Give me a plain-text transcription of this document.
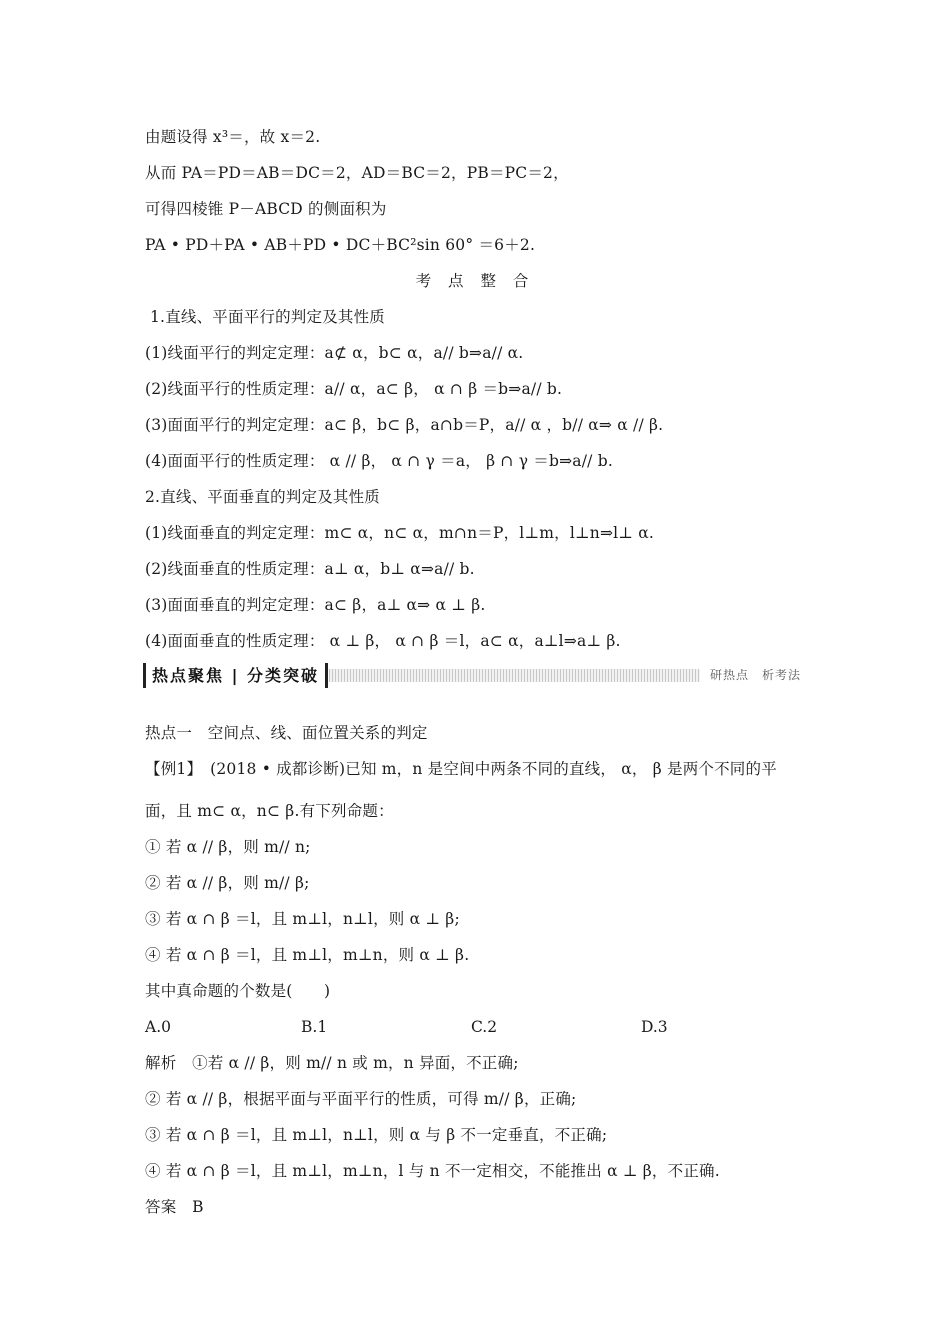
由题设得 x³＝，故 x＝2.
从而 PA＝PD＝AB＝DC＝2，AD＝BC＝2，PB＝PC＝2，
可得四棱锥 P－ABCD 的侧面积为
PA • PD＋PA • AB＋PD • DC＋BC²sin 60° ＝6＋2.
考 点 整 合
1.直线、平面平行的判定及其性质
(1)线面平行的判定定理：a⊄ α，b⊂ α，a// b⇒a// α.
(2)线面平行的性质定理：a// α，a⊂ β， α ∩ β ＝b⇒a// b.
(3)面面平行的判定定理：a⊂ β，b⊂ β，a∩b＝P，a// α ，b// α⇒ α // β.
(4)面面平行的性质定理： α // β， α ∩ γ ＝a， β ∩ γ ＝b⇒a// b.
2.直线、平面垂直的判定及其性质
(1)线面垂直的判定定理：m⊂ α，n⊂ α，m∩n＝P，l⊥m，l⊥n⇒l⊥ α.
(2)线面垂直的性质定理：a⊥ α，b⊥ α⇒a// b.
(3)面面垂直的判定定理：a⊂ β，a⊥ α⇒ α ⊥ β.
(4)面面垂直的性质定理： α ⊥ β， α ∩ β ＝l，a⊂ α，a⊥l⇒a⊥ β.
热点聚焦 | 分类突破	研热点　析考法
热点一　空间点、线、面位置关系的判定
【例1】　(2018 • 成都诊断)已知 m，n 是空间中两条不同的直线， α， β 是两个不同的平
面，且 m⊂ α，n⊂ β.有下列命题：
① 若 α // β，则 m// n;
② 若 α // β，则 m// β;
③ 若 α ∩ β ＝l，且 m⊥l，n⊥l，则 α ⊥ β;
④ 若 α ∩ β ＝l，且 m⊥l，m⊥n，则 α ⊥ β.
其中真命题的个数是(　　)
A.0	B.1	C.2	D.3
解析　①若 α // β，则 m// n 或 m，n 异面，不正确;
② 若 α // β，根据平面与平面平行的性质，可得 m// β，正确;
③ 若 α ∩ β ＝l，且 m⊥l，n⊥l，则 α 与 β 不一定垂直，不正确;
④ 若 α ∩ β ＝l，且 m⊥l，m⊥n，l 与 n 不一定相交，不能推出 α ⊥ β，不正确.
答案　B
